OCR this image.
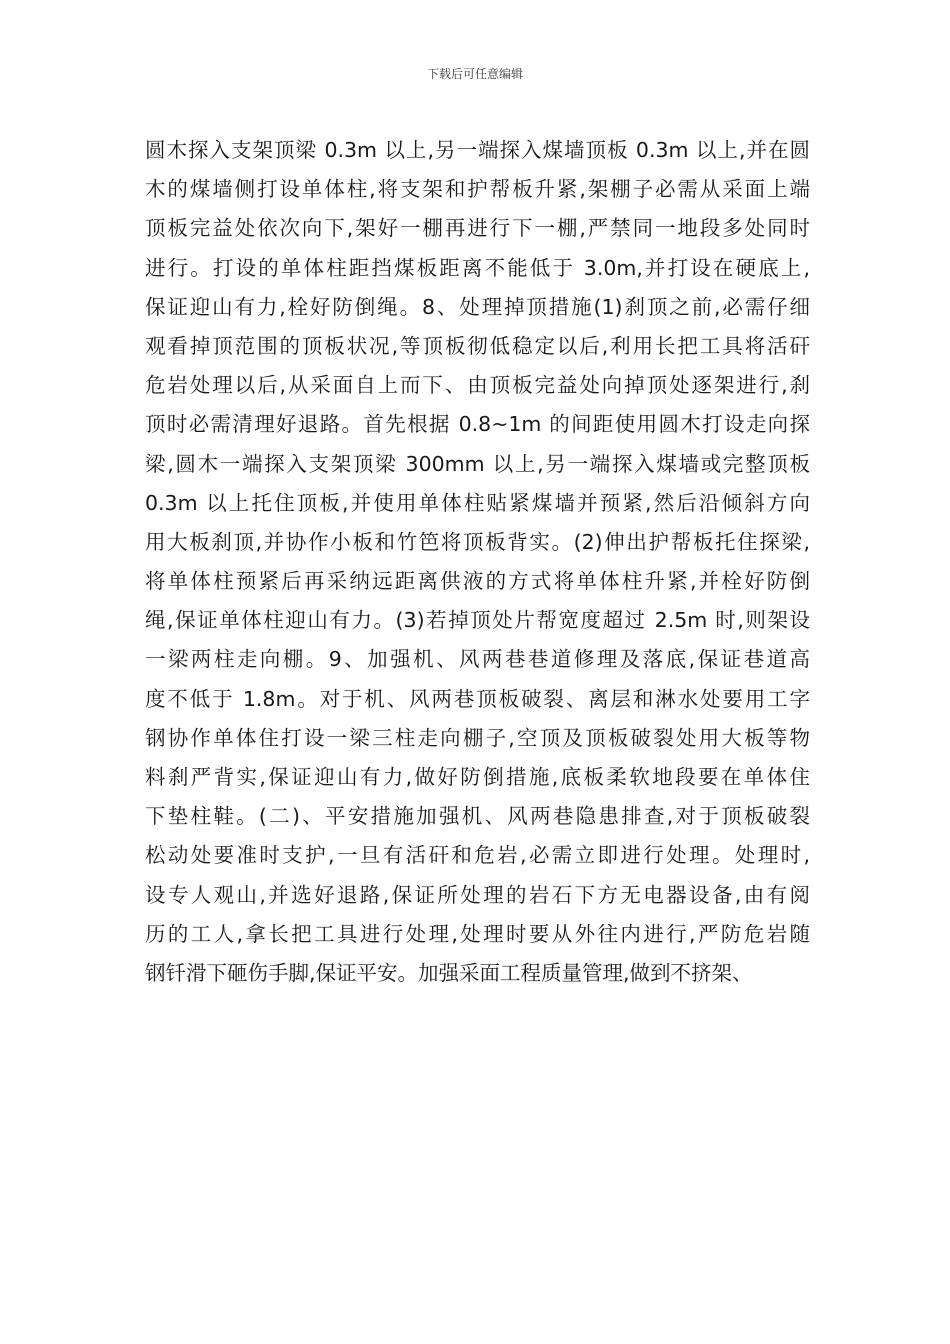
下载后可任意编辑
圆木探入支架顶梁 0.3m 以上,另一端探入煤墙顶板 0.3m 以上,并在圆
木的煤墙侧打设单体柱,将支架和护帮板升紧,架棚子必需从采面上端
顶板完益处依次向下,架好一棚再进行下一棚,严禁同一地段多处同时
进行。打设的单体柱距挡煤板距离不能低于 3.0m,并打设在硬底上,
保证迎山有力,栓好防倒绳。8、处理掉顶措施(1)刹顶之前,必需仔细
观看掉顶范围的顶板状况,等顶板彻低稳定以后,利用长把工具将活矸
危岩处理以后,从采面自上而下、由顶板完益处向掉顶处逐架进行,刹
顶时必需清理好退路。首先根据 0.8~1m 的间距使用圆木打设走向探
梁,圆木一端探入支架顶梁 300mm 以上,另一端探入煤墙或完整顶板
0.3m 以上托住顶板,并使用单体柱贴紧煤墙并预紧,然后沿倾斜方向
用大板刹顶,并协作小板和竹笆将顶板背实。(2)伸出护帮板托住探梁,
将单体柱预紧后再采纳远距离供液的方式将单体柱升紧,并栓好防倒
绳,保证单体柱迎山有力。(3)若掉顶处片帮宽度超过 2.5m 时,则架设
一梁两柱走向棚。9、加强机、风两巷巷道修理及落底,保证巷道高
度不低于 1.8m。对于机、风两巷顶板破裂、离层和淋水处要用工字
钢协作单体住打设一梁三柱走向棚子,空顶及顶板破裂处用大板等物
料刹严背实,保证迎山有力,做好防倒措施,底板柔软地段要在单体住
下垫柱鞋。(二)、平安措施加强机、风两巷隐患排查,对于顶板破裂
松动处要准时支护,一旦有活矸和危岩,必需立即进行处理。处理时,
设专人观山,并选好退路,保证所处理的岩石下方无电器设备,由有阅
历的工人,拿长把工具进行处理,处理时要从外往内进行,严防危岩随
钢钎滑下砸伤手脚,保证平安。加强采面工程质量管理,做到不挤架、
